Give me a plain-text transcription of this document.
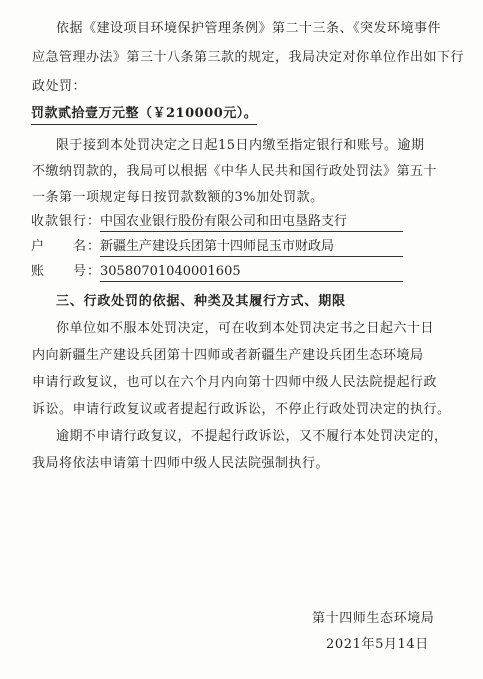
依据《建设项目环境保护管理条例》第二十三条、《突发环境事件
应急管理办法》第三十八条第三款的规定，我局决定对你单位作出如下行
政处罚：
罚款贰拾壹万元整（￥210000元）。
限于接到本处罚决定之日起15日内缴至指定银行和账号。逾期
不缴纳罚款的，我局可以根据《中华人民共和国行政处罚法》第五十
一条第一项规定每日按罚款数额的3%加处罚款。
收款银行：
中国农业银行股份有限公司和田屯垦路支行
户　　名：
新疆生产建设兵团第十四师昆玉市财政局
账　　号：
30580701040001605
三、行政处罚的依据、种类及其履行方式、期限
你单位如不服本处罚决定，可在收到本处罚决定书之日起六十日
内向新疆生产建设兵团第十四师或者新疆生产建设兵团生态环境局
申请行政复议，也可以在六个月内向第十四师中级人民法院提起行政
诉讼。申请行政复议或者提起行政诉讼，不停止行政处罚决定的执行。
逾期不申请行政复议，不提起行政诉讼，又不履行本处罚决定的，
我局将依法申请第十四师中级人民法院强制执行。
第十四师生态环境局
2021年5月14日
